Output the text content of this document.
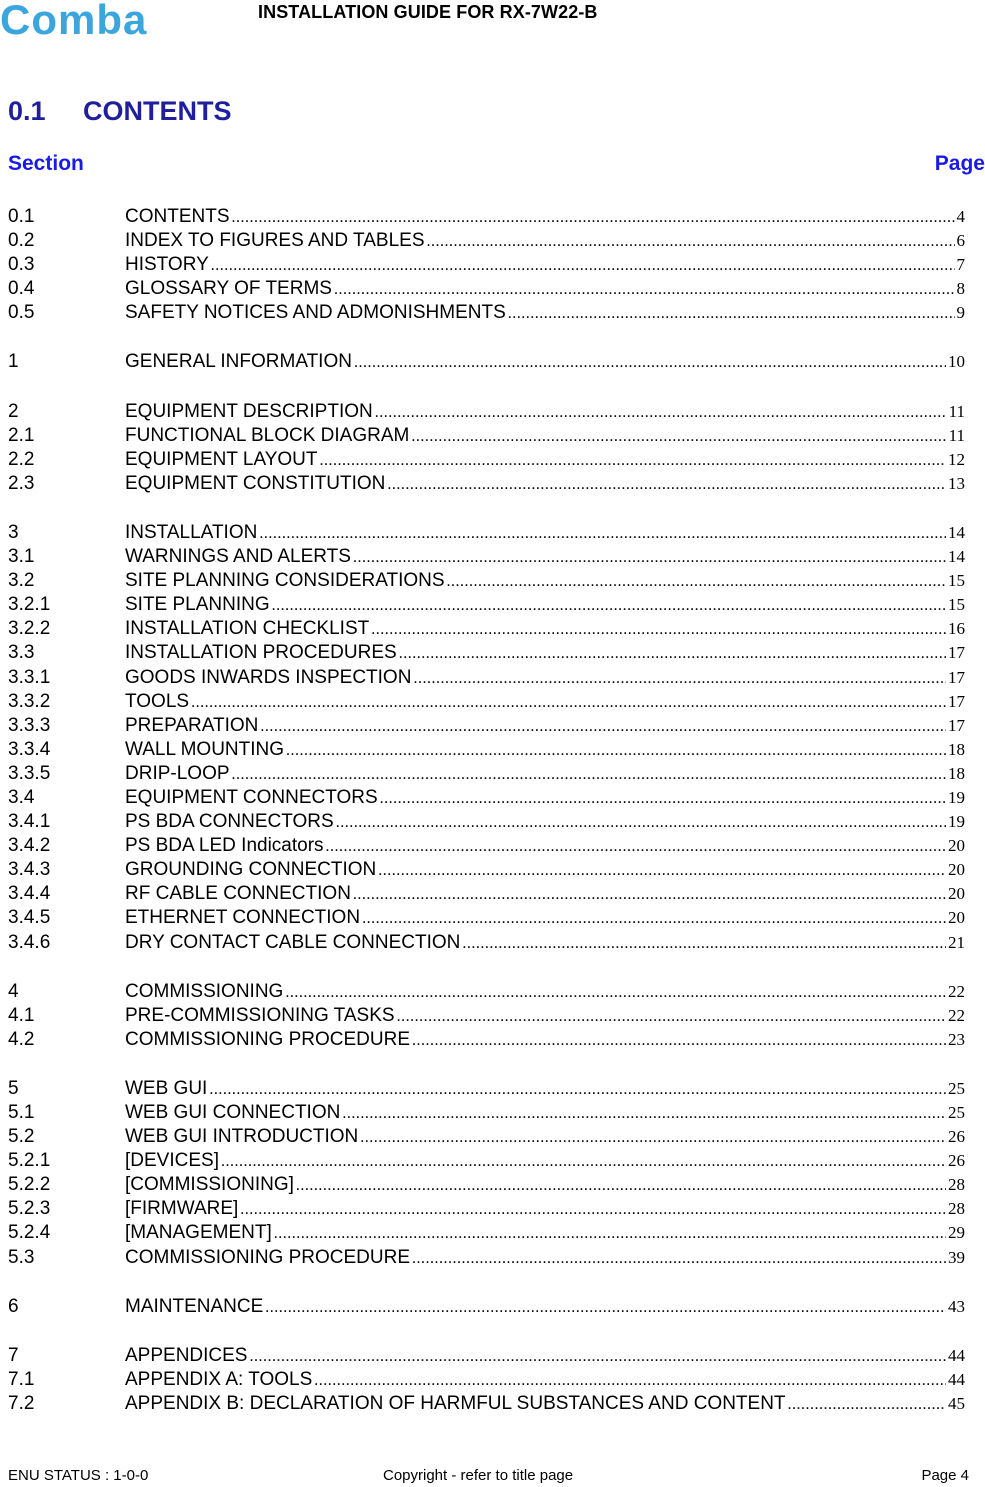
Comba	INSTALLATION GUIDE FOR RX-7W22-B
0.1 CONTENTS
Section	Page
0.1	CONTENTS .....	4
0.2	INDEX TO FIGURES AND TABLES .....	6
0.3	HISTORY .....	7
0.4	GLOSSARY OF TERMS .....	8
0.5	SAFETY NOTICES AND ADMONISHMENTS .....	9
1	GENERAL INFORMATION .....	10
2	EQUIPMENT DESCRIPTION .....	11
2.1	FUNCTIONAL BLOCK DIAGRAM .....	11
2.2	EQUIPMENT LAYOUT .....	12
2.3	EQUIPMENT CONSTITUTION .....	13
3	INSTALLATION .....	14
3.1	WARNINGS AND ALERTS .....	14
3.2	SITE PLANNING CONSIDERATIONS .....	15
3.2.1	SITE PLANNING .....	15
3.2.2	INSTALLATION CHECKLIST .....	16
3.3	INSTALLATION PROCEDURES .....	17
3.3.1	GOODS INWARDS INSPECTION .....	17
3.3.2	TOOLS .....	17
3.3.3	PREPARATION .....	17
3.3.4	WALL MOUNTING .....	18
3.3.5	DRIP-LOOP .....	18
3.4	EQUIPMENT CONNECTORS .....	19
3.4.1	PS BDA CONNECTORS .....	19
3.4.2	PS BDA LED Indicators .....	20
3.4.3	GROUNDING CONNECTION .....	20
3.4.4	RF CABLE CONNECTION .....	20
3.4.5	ETHERNET CONNECTION .....	20
3.4.6	DRY CONTACT CABLE CONNECTION .....	21
4	COMMISSIONING .....	22
4.1	PRE-COMMISSIONING TASKS .....	22
4.2	COMMISSIONING PROCEDURE .....	23
5	WEB GUI .....	25
5.1	WEB GUI CONNECTION .....	25
5.2	WEB GUI INTRODUCTION .....	26
5.2.1	[DEVICES] .....	26
5.2.2	[COMMISSIONING] .....	28
5.2.3	[FIRMWARE] .....	28
5.2.4	[MANAGEMENT] .....	29
5.3	COMMISSIONING PROCEDURE .....	39
6	MAINTENANCE .....	43
7	APPENDICES .....	44
7.1	APPENDIX A: TOOLS .....	44
7.2	APPENDIX B: DECLARATION OF HARMFUL SUBSTANCES AND CONTENT .....	45
ENU STATUS : 1-0-0	Copyright - refer to title page	Page 4
